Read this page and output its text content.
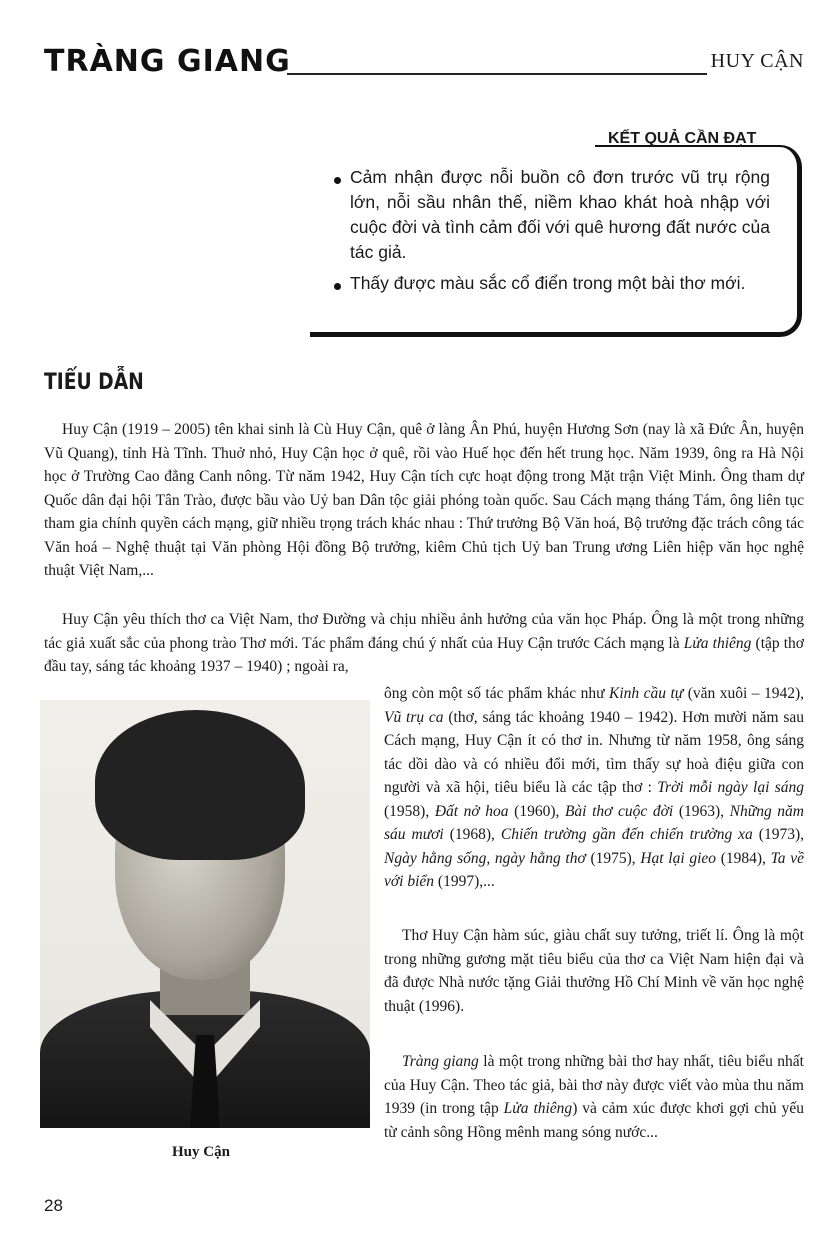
TRÀNG GIANG	HUY CẬN
KẾT QUẢ CẦN ĐẠT
Cảm nhận được nỗi buồn cô đơn trước vũ trụ rộng lớn, nỗi sầu nhân thế, niềm khao khát hoà nhập với cuộc đời và tình cảm đối với quê hương đất nước của tác giả.
Thấy được màu sắc cổ điển trong một bài thơ mới.
TIỂU DẪN

Huy Cận (1919 – 2005) tên khai sinh là Cù Huy Cận, quê ở làng Ân Phú, huyện Hương Sơn (nay là xã Đức Ân, huyện Vũ Quang), tỉnh Hà Tĩnh. Thuở nhỏ, Huy Cận học ở quê, rồi vào Huế học đến hết trung học. Năm 1939, ông ra Hà Nội học ở Trường Cao đẳng Canh nông. Từ năm 1942, Huy Cận tích cực hoạt động trong Mặt trận Việt Minh. Ông tham dự Quốc dân đại hội Tân Trào, được bầu vào Uỷ ban Dân tộc giải phóng toàn quốc. Sau Cách mạng tháng Tám, ông liên tục tham gia chính quyền cách mạng, giữ nhiều trọng trách khác nhau : Thứ trưởng Bộ Văn hoá, Bộ trưởng đặc trách công tác Văn hoá – Nghệ thuật tại Văn phòng Hội đồng Bộ trưởng, kiêm Chủ tịch Uỷ ban Trung ương Liên hiệp văn học nghệ thuật Việt Nam,...

Huy Cận yêu thích thơ ca Việt Nam, thơ Đường và chịu nhiều ảnh hưởng của văn học Pháp. Ông là một trong những tác giả xuất sắc của phong trào Thơ mới. Tác phẩm đáng chú ý nhất của Huy Cận trước Cách mạng là Lửa thiêng (tập thơ đầu tay, sáng tác khoảng 1937 – 1940) ; ngoài ra,

Huy Cận

ông còn một số tác phẩm khác như Kinh cầu tự (văn xuôi – 1942), Vũ trụ ca (thơ, sáng tác khoảng 1940 – 1942). Hơn mười năm sau Cách mạng, Huy Cận ít có thơ in. Nhưng từ năm 1958, ông sáng tác dồi dào và có nhiều đổi mới, tìm thấy sự hoà điệu giữa con người và xã hội, tiêu biểu là các tập thơ : Trời mỗi ngày lại sáng (1958), Đất nở hoa (1960), Bài thơ cuộc đời (1963), Những năm sáu mươi (1968), Chiến trường gần đến chiến trường xa (1973), Ngày hằng sống, ngày hằng thơ (1975), Hạt lại gieo (1984), Ta về với biển (1997),...

Thơ Huy Cận hàm súc, giàu chất suy tưởng, triết lí. Ông là một trong những gương mặt tiêu biểu của thơ ca Việt Nam hiện đại và đã được Nhà nước tặng Giải thưởng Hồ Chí Minh về văn học nghệ thuật (1996).

Tràng giang là một trong những bài thơ hay nhất, tiêu biểu nhất của Huy Cận. Theo tác giả, bài thơ này được viết vào mùa thu năm 1939 (in trong tập Lửa thiêng) và cảm xúc được khơi gợi chủ yếu từ cảnh sông Hồng mênh mang sóng nước...

28
